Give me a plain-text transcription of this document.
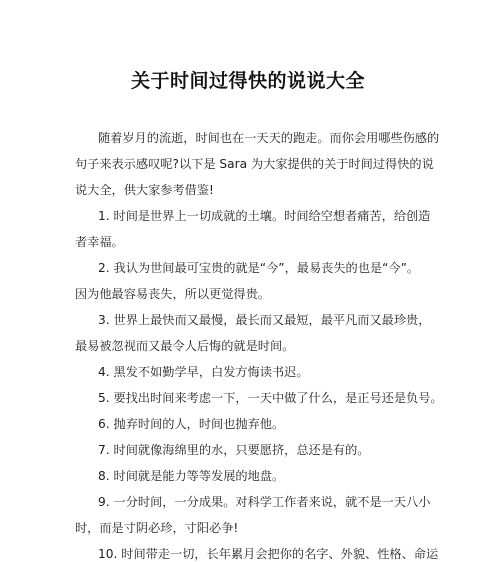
关于时间过得快的说说大全
随着岁月的流逝，时间也在一天天的跑走。而你会用哪些伤感的
句子来表示感叹呢?以下是 Sara 为大家提供的关于时间过得快的说
说大全，供大家参考借鉴!
1. 时间是世界上一切成就的土壤。时间给空想者痛苦，给创造
者幸福。
2. 我认为世间最可宝贵的就是“今”，最易丧失的也是“今”。
因为他最容易丧失，所以更觉得贵。
3. 世界上最快而又最慢，最长而又最短，最平凡而又最珍贵，
最易被忽视而又最令人后悔的就是时间。
4. 黑发不如勤学早，白发方悔读书迟。
5. 要找出时间来考虑一下，一天中做了什么，是正号还是负号。
6. 抛弃时间的人，时间也抛弃他。
7. 时间就像海绵里的水，只要愿挤，总还是有的。
8. 时间就是能力等等发展的地盘。
9. 一分时间，一分成果。对科学工作者来说，就不是一天八小
时，而是寸阴必珍，寸阳必争!
10. 时间带走一切，长年累月会把你的名字、外貌、性格、命运
